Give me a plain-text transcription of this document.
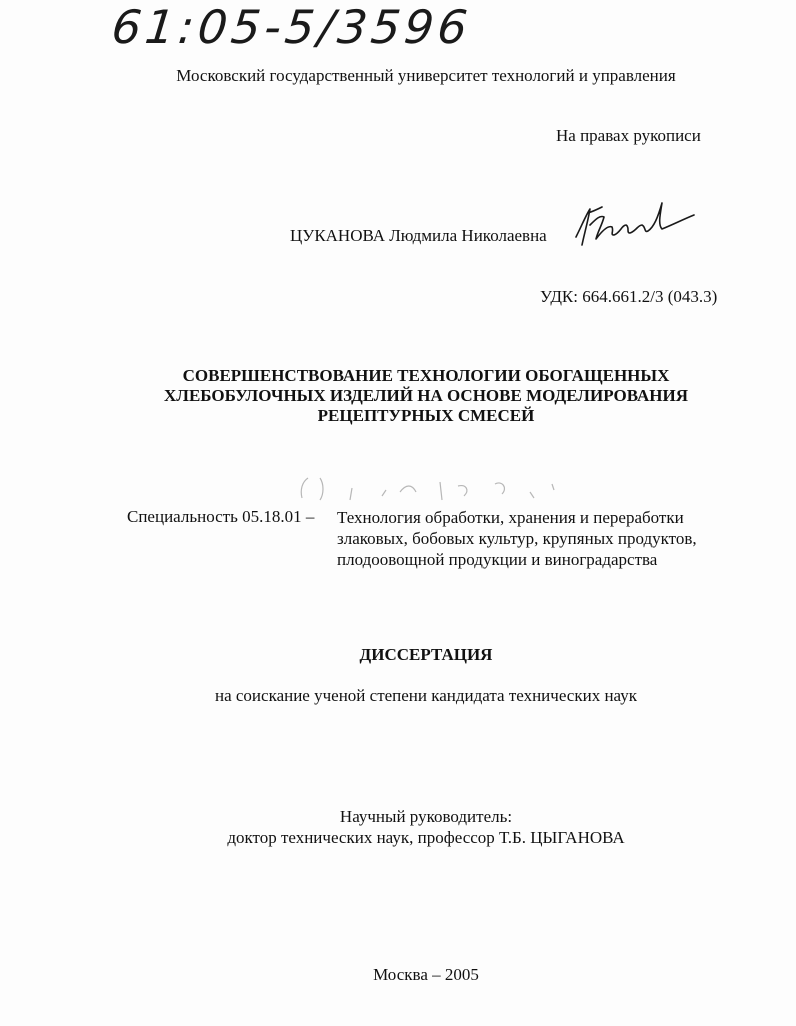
61:05-5/3596
Московский государственный университет технологий и управления
На правах рукописи
ЦУКАНОВА Людмила Николаевна
УДК: 664.661.2/3 (043.3)
СОВЕРШЕНСТВОВАНИЕ ТЕХНОЛОГИИ ОБОГАЩЕННЫХ
ХЛЕБОБУЛОЧНЫХ ИЗДЕЛИЙ НА ОСНОВЕ МОДЕЛИРОВАНИЯ
РЕЦЕПТУРНЫХ СМЕСЕЙ
Специальность 05.18.01 – Технология обработки, хранения и переработки
злаковых, бобовых культур, крупяных продуктов,
плодоовощной продукции и виноградарства
ДИССЕРТАЦИЯ
на соискание ученой степени кандидата технических наук
Научный руководитель:
доктор технических наук, профессор Т.Б. ЦЫГАНОВА
Москва – 2005
